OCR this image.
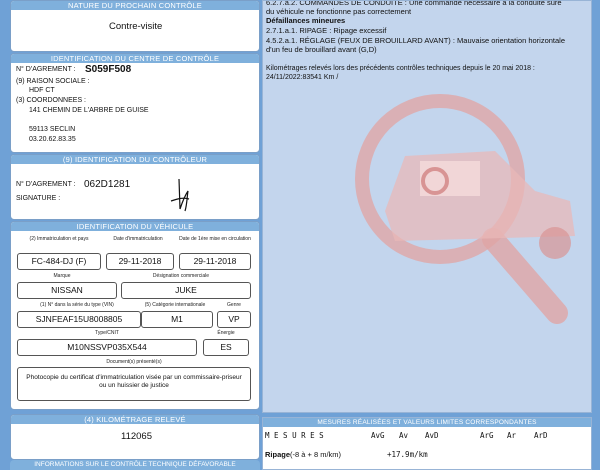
NATURE DU PROCHAIN CONTRÔLE
Contre-visite
IDENTIFICATION DU CENTRE DE CONTRÔLE
N° D'AGREMENT : S059F508
(9) RAISON SOCIALE :
HDF CT
(3) COORDONNEES :
141 CHEMIN DE L'ARBRE DE GUISE
59113 SECLIN
03.20.62.83.35
(9) IDENTIFICATION DU CONTRÔLEUR
N° D'AGREMENT : 062D1281
SIGNATURE :
IDENTIFICATION DU VÉHICULE
(2) Immatriculation et pays	Date d'immatriculation	Date de 1ère mise en circulation
FC-484-DJ (F)	29-11-2018	29-11-2018
Marque	Désignation commerciale
NISSAN	JUKE
(1) N° dans la série du type (VIN)	(5) Catégorie internationale	Genre
SJNFEAF15U8008805	M1	VP
Type/CNIT	Énergie
M10NSSVP035X544	ES
Document(s) présenté(s)
Photocopie du certificat d'immatriculation visée par un commissaire-priseur ou un huissier de justice
(4) KILOMÉTRAGE RELEVÉ
112065
INFORMATIONS SUR LE CONTRÔLE TECHNIQUE DÉFAVORABLE
6.2.7.a.2. COMMANDES DE CONDUITE : Une commande nécessaire à la conduite sûre
du véhicule ne fonctionne pas correctement
Défaillances mineures
2.7.1.a.1. RIPAGE : Ripage excessif
4.5.2.a.1. RÉGLAGE (FEUX DE BROUILLARD AVANT) : Mauvaise orientation horizontale
d'un feu de brouillard avant (G,D)
Kilométrages relevés lors des précédents contrôles techniques depuis le 20 mai 2018 :
24/11/2022:83541 Km /
MESURES RÉALISÉES ET VALEURS LIMITES CORRESPONDANTES
M E S U R E S	AvG Av AvD	ArG Ar ArD
Ripage (-8 à + 8 m/km)	+17.9m/km
